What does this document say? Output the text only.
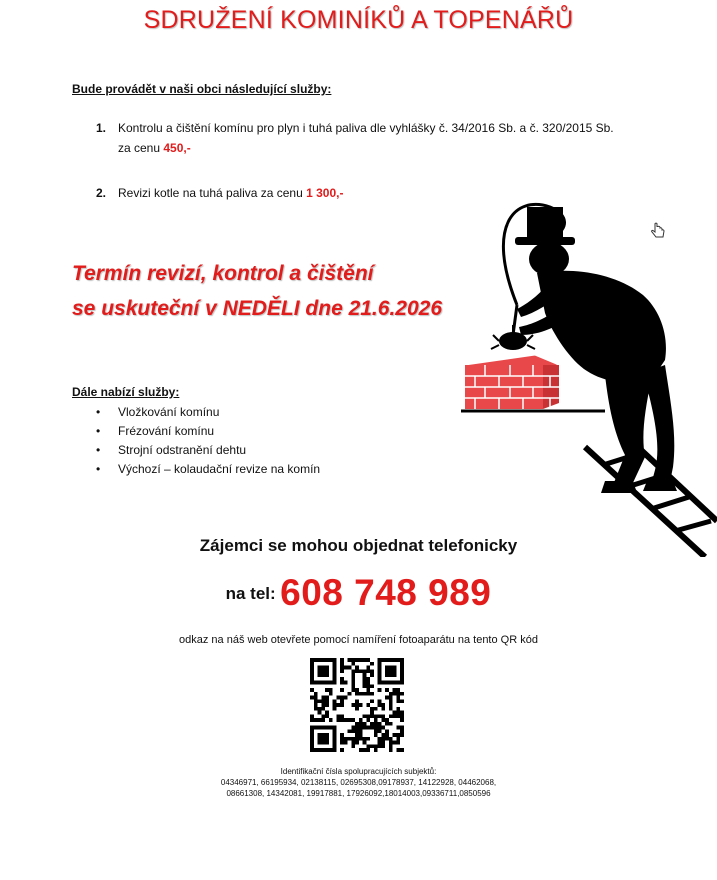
SDRUŽENÍ KOMINÍKŮ A TOPENÁŘŮ
Bude provádět v naši obci následující služby:
1. Kontrolu a čištění komínu pro plyn i tuhá paliva dle vyhlášky č. 34/2016 Sb. a č. 320/2015 Sb. za cenu 450,-
2. Revizi kotle na tuhá paliva za cenu 1 300,-
Termín revizí, kontrol a čištění
se uskuteční v NEDĚLI dne 21.6.2026
Dále nabízí služby:
• Vložkování komínu
• Frézování komínu
• Strojní odstranění dehtu
• Výchozí – kolaudační revize na komín
Zájemci se mohou objednat telefonicky
na tel: 608 748 989
odkaz na náš web otevřete pomocí namíření fotoaparátu na tento QR kód
Identifikační čísla spolupracujících subjektů:
04346971, 66195934, 02138115, 02695308,09178937, 14122928, 04462068,
08661308, 14342081, 19917881, 17926092,18014003,09336711,0850596
